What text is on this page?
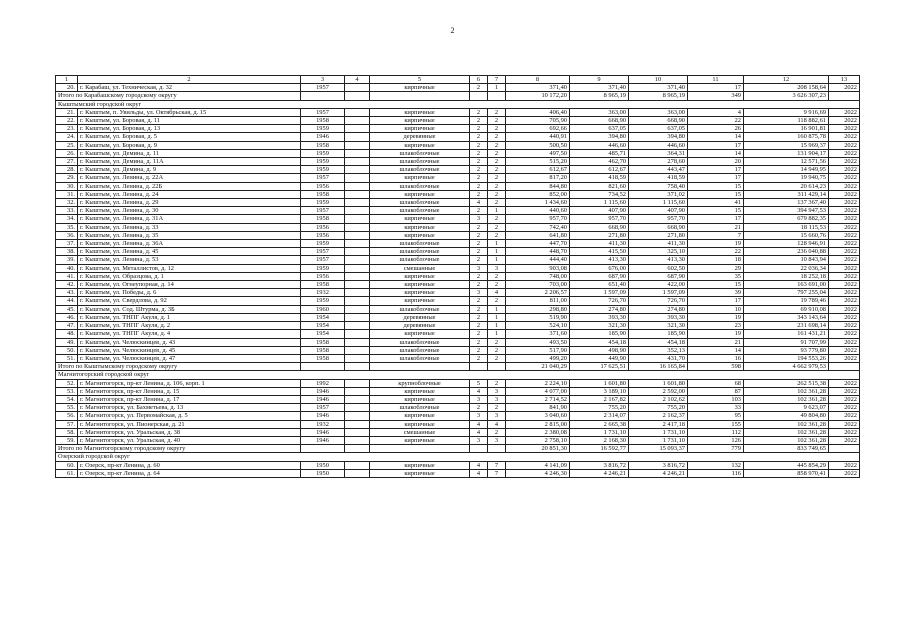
2
1	2	3	4	5	6	7	8	9	10	11	12	13
20.	г. Карабаш, ул. Техническая, д. 32	1957		кирпичные	2	1	371,40	371,40	371,40	17	208 158,64	2022
Итого по Карабашскому городскому округу							10 172,20	8 965,19	8 965,19	349	3 626 307,23	
Кыштымский городской округ												
21.	г. Кыштым, п. Увильды, ул. Октябрьская, д. 15	1957		кирпичные	2	2	406,40	363,00	363,00	4	9 916,69	2022
22.	г. Кыштым, ул. Боровая, д. 11	1958		кирпичные	2	2	705,90	668,90	668,90	22	118 882,61	2022
23.	г. Кыштым, ул. Боровая, д. 13	1959		кирпичные	2	2	692,66	637,05	637,05	26	16 901,81	2022
24.	г. Кыштым, ул. Боровая, д. 5	1946		деревянные	2	2	440,91	394,80	394,80	14	160 875,78	2022
25.	г. Кыштым, ул. Боровая, д. 9	1958		кирпичные	2	2	500,50	446,60	446,60	17	15 969,37	2022
26.	г. Кыштым, ул. Демина, д. 11	1959		шлакоблочные	2	2	497,50	485,71	364,31	14	131 904,17	2022
27.	г. Кыштым, ул. Демина, д. 11А	1959		шлакоблочные	2	2	515,20	462,70	278,60	20	12 571,56	2022
28.	г. Кыштым, ул. Демина, д. 9	1959		шлакоблочные	2	2	612,67	612,67	443,47	17	14 949,95	2022
29.	г. Кыштым, ул. Ленина, д. 22А	1957		кирпичные	2	2	817,20	418,59	418,59	17	19 940,75	2022
30.	г. Кыштым, ул. Ленина, д. 22Б	1956		шлакоблочные	2	2	844,80	821,60	758,40	15	20 614,23	2022
31.	г. Кыштым, ул. Ленина, д. 24	1958		кирпичные	2	2	852,00	734,52	371,02	15	311 429,14	2022
32.	г. Кыштым, ул. Ленина, д. 29	1959		шлакоблочные	4	2	1 434,60	1 115,60	1 115,60	41	137 367,40	2022
33.	г. Кыштым, ул. Ленина, д. 30	1957		шлакоблочные	2	1	440,60	407,90	407,90	15	394 947,53	2022
34.	г. Кыштым, ул. Ленина, д. 31А	1958		кирпичные	3	2	957,70	957,70	957,70	17	679 882,35	2022
35.	г. Кыштым, ул. Ленина, д. 33	1956		кирпичные	2	2	742,40	668,90	668,90	21	18 115,53	2022
36.	г. Кыштым, ул. Ленина, д. 35	1956		кирпичные	2	2	641,80	271,80	271,80	7	15 660,76	2022
37.	г. Кыштым, ул. Ленина, д. 36А	1959		шлакоблочные	2	1	447,70	411,30	411,30	19	128 946,91	2022
38.	г. Кыштым, ул. Ленина, д. 45	1957		шлакоблочные	2	1	448,70	415,50	325,10	22	236 040,88	2022
39.	г. Кыштым, ул. Ленина, д. 53	1957		шлакоблочные	2	1	444,40	413,30	413,30	18	10 843,94	2022
40.	г. Кыштым, ул. Металлистов, д. 12	1959		смешанные	3	3	903,08	676,00	602,50	29	22 036,34	2022
41.	г. Кыштым, ул. Образцова, д. 1	1956		кирпичные	2	2	748,00	687,90	687,90	35	18 252,18	2022
42.	г. Кыштым, ул. Огнеупорная, д. 14	1958		кирпичные	2	2	703,00	651,40	422,00	15	163 691,00	2022
43.	г. Кыштым, ул. Победы, д. 6	1932		кирпичные	3	4	2 206,57	1 597,09	1 597,09	39	797 255,04	2022
44.	г. Кыштым, ул. Свердлова, д. 92	1959		кирпичные	2	2	811,00	726,70	726,70	17	19 789,46	2022
45.	г. Кыштым, ул. Сод. Штурма, д. 3Б	1960		шлакоблочные	2	1	298,80	274,80	274,80	10	69 910,08	2022
46.	г. Кыштым, ул. ТНПГ Акуля, д. 1	1954		деревянные	2	1	519,90	393,30	393,30	19	343 143,64	2022
47.	г. Кыштым, ул. ТНПГ Акуля, д. 2	1954		деревянные	2	1	524,10	321,30	321,30	23	231 698,14	2022
48.	г. Кыштым, ул. ТНПГ Акуля, д. 4	1954		кирпичные	2	1	371,60	185,90	185,90	19	161 431,21	2022
49.	г. Кыштым, ул. Челюскинцев, д. 43	1958		шлакоблочные	2	2	493,50	454,18	454,18	21	91 707,99	2022
50.	г. Кыштым, ул. Челюскинцев, д. 45	1958		шлакоблочные	2	2	517,90	498,90	352,13	14	93 779,80	2022
51.	г. Кыштым, ул. Челюскинцев, д. 47	1958		шлакоблочные	2	2	499,20	449,90	431,70	16	194 553,26	2022
Итого по Кыштымскому городскому округу							21 040,29	17 625,51	16 165,84	598	4 662 979,53	
Магнитогорский городской округ												
52.	г. Магнитогорск, пр-кт Ленина, д. 106, корп. 1	1992		крупноблочные	5	2	2 224,10	1 601,80	1 601,80	68	262 515,38	2022
53.	г. Магнитогорск, пр-кт Ленина, д. 15	1946		кирпичные	4	3	4 077,00	3 189,10	2 592,00	87	102 361,28	2022
54.	г. Магнитогорск, пр-кт Ленина, д. 17	1946		кирпичные	3	3	2 714,52	2 167,82	2 102,62	103	102 361,28	2022
55.	г. Магнитогорск, ул. Бахметьева, д. 13	1957		шлакоблочные	2	2	841,90	755,20	755,20	33	9 623,07	2022
56.	г. Магнитогорск, ул. Первомайская, д. 5	1946		кирпичные	3	3	3 040,60	2 314,07	2 162,37	95	49 804,80	2022
57.	г. Магнитогорск, ул. Пионерская, д. 21	1932		кирпичные	4	4	2 815,00	2 665,38	2 417,18	155	102 361,28	2022
58.	г. Магнитогорск, ул. Уральская, д. 38	1946		смешанные	4	2	2 380,08	1 731,10	1 731,10	112	102 361,28	2022
59.	г. Магнитогорск, ул. Уральская, д. 40	1946		кирпичные	3	3	2 758,10	2 168,30	1 731,10	126	102 361,28	2022
Итого по Магнитогорскому городскому округу							20 851,30	16 592,77	15 093,37	779	833 749,65	
Озерский городской округ												
60.	г. Озерск, пр-кт Ленина, д. 60	1950		кирпичные	4	7	4 141,09	3 816,72	3 816,72	132	445 854,29	2022
61.	г. Озерск, пр-кт Ленина, д. 64	1950		кирпичные	4	7	4 246,30	4 246,21	4 246,21	116	858 970,41	2022
